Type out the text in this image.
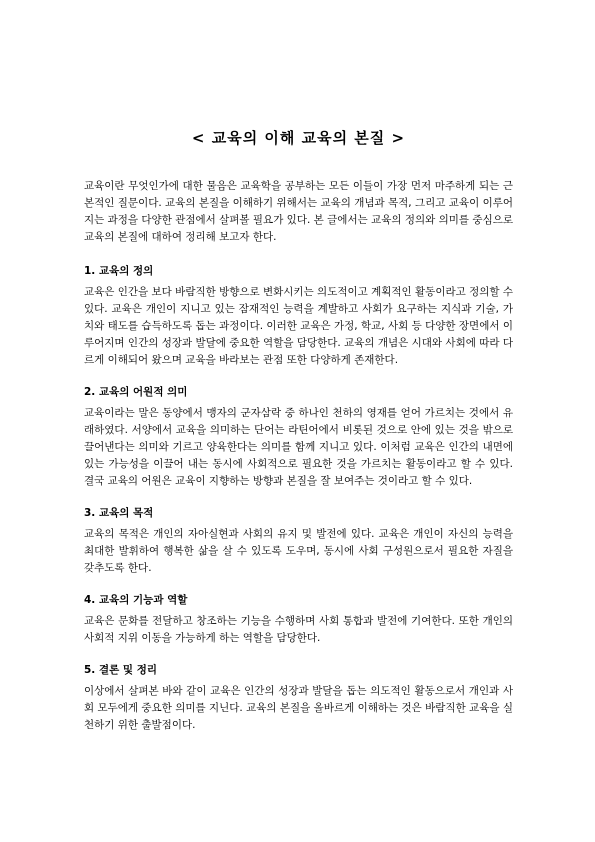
< 교육의 이해 교육의 본질 >

교육이란 무엇인가에 대한 물음은 교육학을 공부하는 모든 이들이 가장 먼저 마주하게 되는 근본적인 질문이다. 교육의 본질을 이해하기 위해서는 교육의 개념과 목적, 그리고 교육이 이루어지는 과정을 다양한 관점에서 살펴볼 필요가 있다. 본 글에서는 교육의 정의와 의미를 중심으로 교육의 본질에 대하여 정리해 보고자 한다.

1. 교육의 정의

교육은 인간을 보다 바람직한 방향으로 변화시키는 의도적이고 계획적인 활동이라고 정의할 수 있다. 교육은 개인이 지니고 있는 잠재적인 능력을 계발하고 사회가 요구하는 지식과 기술, 가치와 태도를 습득하도록 돕는 과정이다. 이러한 교육은 가정, 학교, 사회 등 다양한 장면에서 이루어지며 인간의 성장과 발달에 중요한 역할을 담당한다. 교육의 개념은 시대와 사회에 따라 다르게 이해되어 왔으며 교육을 바라보는 관점 또한 다양하게 존재한다.

2. 교육의 어원적 의미

교육이라는 말은 동양에서 맹자의 군자삼락 중 하나인 천하의 영재를 얻어 가르치는 것에서 유래하였다. 서양에서 교육을 의미하는 단어는 라틴어에서 비롯된 것으로 안에 있는 것을 밖으로 끌어낸다는 의미와 기르고 양육한다는 의미를 함께 지니고 있다. 이처럼 교육은 인간의 내면에 있는 가능성을 이끌어 내는 동시에 사회적으로 필요한 것을 가르치는 활동이라고 할 수 있다. 결국 교육의 어원은 교육이 지향하는 방향과 본질을 잘 보여주는 것이라고 할 수 있다.

3. 교육의 목적

교육의 목적은 개인의 자아실현과 사회의 유지 및 발전에 있다. 교육은 개인이 자신의 능력을 최대한 발휘하여 행복한 삶을 살 수 있도록 도우며, 동시에 사회 구성원으로서 필요한 자질을 갖추도록 한다.

4. 교육의 기능과 역할

교육은 문화를 전달하고 창조하는 기능을 수행하며 사회 통합과 발전에 기여한다. 또한 개인의 사회적 지위 이동을 가능하게 하는 역할을 담당한다.

5. 결론 및 정리

이상에서 살펴본 바와 같이 교육은 인간의 성장과 발달을 돕는 의도적인 활동으로서 개인과 사회 모두에게 중요한 의미를 지닌다. 교육의 본질을 올바르게 이해하는 것은 바람직한 교육을 실천하기 위한 출발점이다.
